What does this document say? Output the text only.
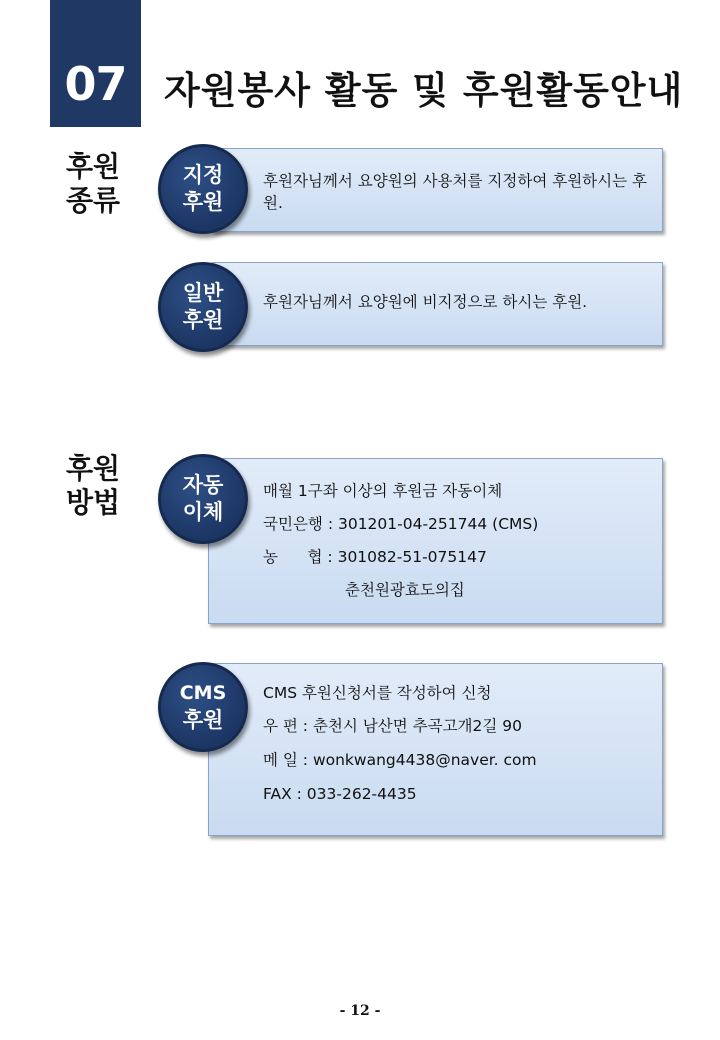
07	자원봉사 활동 및 후원활동안내
후원
종류
지정
후원
후원자님께서 요양원의 사용처를 지정하여 후원하시는 후원.
일반
후원
후원자님께서 요양원에 비지정으로 하시는 후원.
후원
방법
자동
이체
매월 1구좌 이상의 후원금 자동이체
국민은행 : 301201-04-251744 (CMS)
농      협 : 301082-51-075147
춘천원광효도의집
CMS
후원
CMS 후원신청서를 작성하여 신청
우 편 : 춘천시 남산면 추곡고개2길 90
메 일 : wonkwang4438@naver. com
FAX : 033-262-4435
- 12 -
